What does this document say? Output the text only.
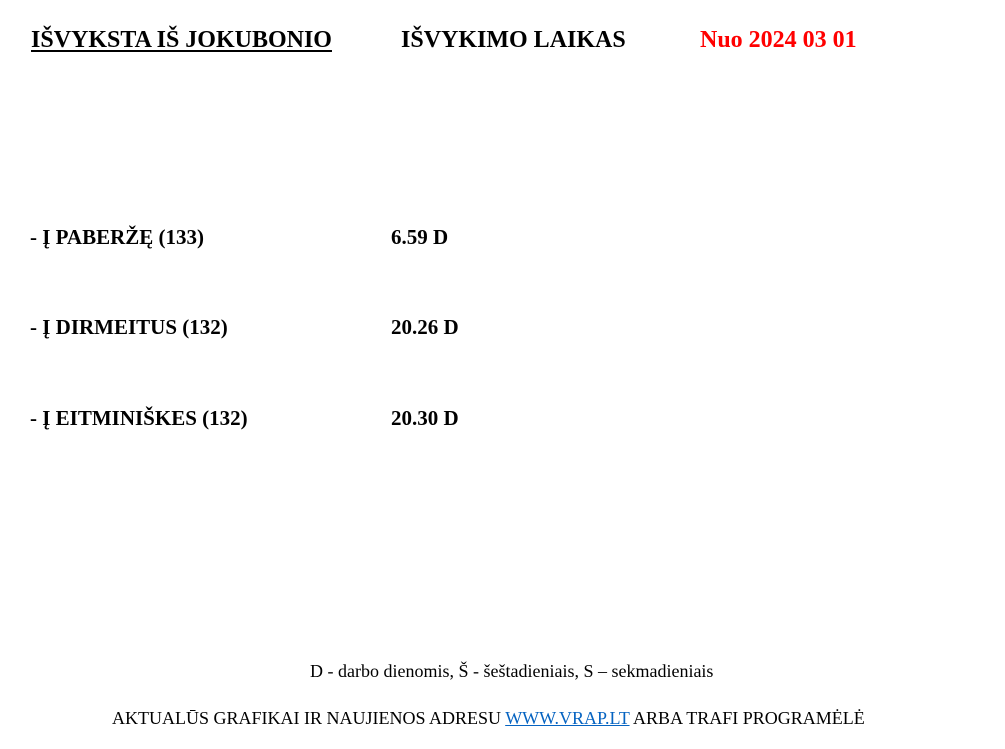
IŠVYKSTA IŠ JOKUBONIO	IŠVYKIMO LAIKAS	Nuo 2024 03 01
- Į PABERŽĘ (133)	6.59 D
- Į DIRMEITUS (132)	20.26 D
- Į EITMINIŠKES (132)	20.30 D
D - darbo dienomis, Š - šeštadieniais, S – sekmadieniais
AKTUALŪS GRAFIKAI IR NAUJIENOS ADRESU WWW.VRAP.LT ARBA TRAFI PROGRAMĖLĖ
